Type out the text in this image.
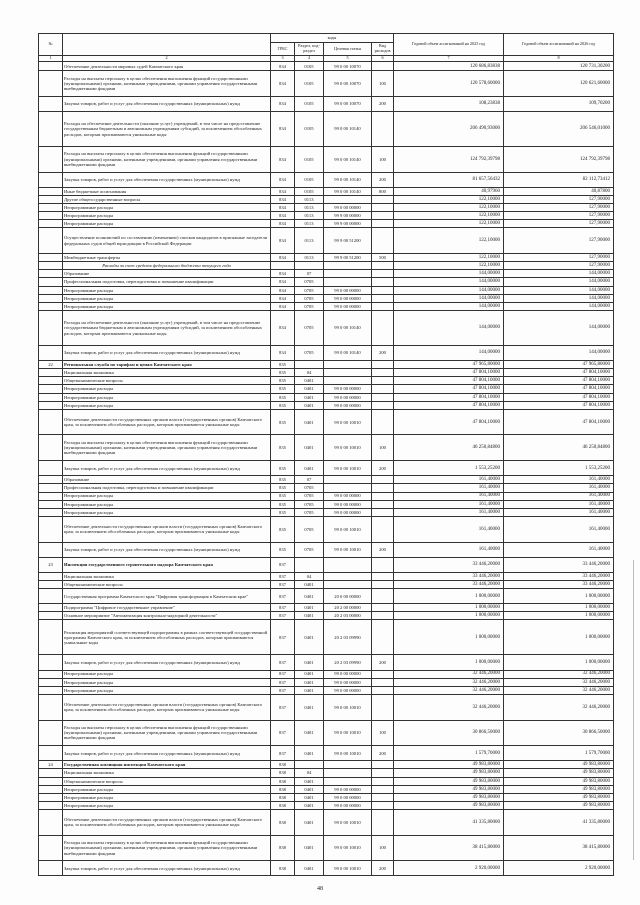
№		коды				Годовой объем ассигнований на 2025 год	Годовой объем ассигнований на 2026 год
		ГРБС	Раздел, под-раздел	Целевая статья	Вид расходов		
1	2	3	4	5	6	7	8
	Обеспечение деятельности мировых судей Камчатского края	834	0105	99 0 00 10070		120 686,83838	120 731,30200
	Расходы на выплаты персоналу в целях обеспечения выполнения функций государственными (муниципальными) органами, казенными учреждениями, органами управления государственными внебюджетными фондами	834	0105	99 0 00 10070	100	120 578,60000	120 621,60000
	Закупка товаров, работ и услуг для обеспечения государственных (муниципальных) нужд	834	0105	99 0 00 10070	200	108,23838	109,70200
	Расходы на обеспечение деятельности (оказание услуг) учреждений, в том числе на предоставление государственным бюджетным и автономным учреждениям субсидий, за исключением обособленных расходов, которым присваиваются уникальные коды	834	0105	99 0 00 10140		206 490,93000	206 546,01000
	Расходы на выплаты персоналу в целях обеспечения выполнения функций государственными (муниципальными) органами, казенными учреждениями, органами управления государственными внебюджетными фондами	834	0105	99 0 00 10140	100	124 792,39798	124 792,39798
	Закупка товаров, работ и услуг для обеспечения государственных (муниципальных) нужд	834	0105	99 0 00 10140	200	81 657,56432	82 112,73412
	Иные бюджетные ассигнования	834	0105	99 0 00 10140	800	40,97960	40,87800
	Другие общегосударственные вопросы	834	0113			122,10000	127,90000
	Непрограммные расходы	834	0113	99 0 00 00000		122,10000	127,90000
	Непрограммные расходы	834	0113	99 9 00 00000		122,10000	127,90000
	Непрограммные расходы	834	0113	99 9 00 00000		122,10000	127,90000
	Осуществление полномочий по составлению (изменению) списков кандидатов в присяжные заседатели федеральных судов общей юрисдикции в Российской Федерации	834	0113	99 9 00 51200		122,10000	127,90000
	Межбюджетные трансферты	834	0113	99 9 00 51200	500	122,10000	127,90000
	Расходы за счет средств федерального бюджета текущего года					122,10000	127,90000
	Образование	834	07			144,00000	144,00000
	Профессиональная подготовка, переподготовка и повышение квалификации	834	0705			144,00000	144,00000
	Непрограммные расходы	834	0705	99 0 00 00000		144,00000	144,00000
	Непрограммные расходы	834	0705	99 0 00 00000		144,00000	144,00000
	Непрограммные расходы	834	0705	99 0 00 00000		144,00000	144,00000
	Расходы на обеспечение деятельности (оказание услуг) учреждений, в том числе на предоставление государственным бюджетным и автономным учреждениям субсидий, за исключением обособленных расходов, которым присваиваются уникальные коды	834	0705	99 0 00 10140		144,00000	144,00000
	Закупка товаров, работ и услуг для обеспечения государственных (муниципальных) нужд	834	0705	99 0 00 10140	200	144,00000	144,00000
22	Региональная служба по тарифам и ценам Камчатского края	835				47 965,80000	47 965,80000
	Национальная экономика	835	04			47 804,10000	47 804,10000
	Общеэкономические вопросы	835	0401			47 804,10000	47 804,10000
	Непрограммные расходы	835	0401	99 0 00 00000		47 804,10000	47 804,10000
	Непрограммные расходы	835	0401	99 0 00 00000		47 804,10000	47 804,10000
	Непрограммные расходы	835	0401	99 0 00 00000		47 804,10000	47 804,10000
	Обеспечение деятельности государственных органов власти (государственных органов) Камчатского края, за исключением обособленных расходов, которым присваиваются уникальные коды	835	0401	99 0 00 10010		47 804,10000	47 804,10000
	Расходы на выплаты персоналу в целях обеспечения выполнения функций государственными (муниципальными) органами, казенными учреждениями, органами управления государственными внебюджетными фондами	835	0401	99 0 00 10010	100	46 250,84800	46 250,84800
	Закупка товаров, работ и услуг для обеспечения государственных (муниципальных) нужд	835	0401	99 0 00 10010	200	1 553,25200	1 553,25200
	Образование	835	07			161,40000	161,40000
	Профессиональная подготовка, переподготовка и повышение квалификации	835	0705			161,40000	161,40000
	Непрограммные расходы	835	0705	99 0 00 00000		161,40000	161,40000
	Непрограммные расходы	835	0705	99 0 00 00000		161,40000	161,40000
	Непрограммные расходы	835	0705	99 0 00 00000		161,40000	161,40000
	Обеспечение деятельности государственных органов власти (государственных органов) Камчатского края, за исключением обособленных расходов, которым присваиваются уникальные коды	835	0705	99 0 00 10010		161,40000	161,40000
	Закупка товаров, работ и услуг для обеспечения государственных (муниципальных) нужд	835	0705	99 0 00 10010	200	161,40000	161,40000
23	Инспекция государственного строительного надзора Камчатского края	837				33 446,20000	33 446,20000
	Национальная экономика	837	04			33 446,20000	33 446,20000
	Общеэкономические вопросы	837	0401			33 446,20000	33 446,20000
	Государственная программа Камчатского края "Цифровая трансформация в Камчатском крае"	837	0401	20 0 00 00000		1 000,00000	1 000,00000
	Подпрограмма "Цифровое государственное управление"	837	0401	20 2 00 00000		1 000,00000	1 000,00000
	Основное мероприятие "Автоматизация контрольно-надзорной деятельности"	837	0401	20 2 03 00000		1 000,00000	1 000,00000
	Реализация мероприятий соответствующей подпрограммы в рамках соответствующей государственной программы Камчатского края, за исключением обособленных расходов, которым присваиваются уникальные коды	837	0401	20 2 03 09990		1 000,00000	1 000,00000
	Закупка товаров, работ и услуг для обеспечения государственных (муниципальных) нужд	837	0401	20 2 03 09990	200	1 000,00000	1 000,00000
	Непрограммные расходы	837	0401	99 0 00 00000		32 446,20000	32 446,20000
	Непрограммные расходы	837	0401	99 0 00 00000		32 446,20000	32 446,20000
	Непрограммные расходы	837	0401	99 0 00 00000		32 446,20000	32 446,20000
	Обеспечение деятельности государственных органов власти (государственных органов) Камчатского края, за исключением обособленных расходов, которым присваиваются уникальные коды	837	0401	99 0 00 10010		32 446,20000	32 446,20000
	Расходы на выплаты персоналу в целях обеспечения выполнения функций государственными (муниципальными) органами, казенными учреждениями, органами управления государственными внебюджетными фондами	837	0401	99 0 00 10010	100	30 866,50000	30 866,50000
	Закупка товаров, работ и услуг для обеспечения государственных (муниципальных) нужд	837	0401	99 0 00 10010	200	1 579,70000	1 579,70000
24	Государственная жилищная инспекция Камчатского края	838				49 983,80000	49 983,80000
	Национальная экономика	838	04			49 983,80000	49 983,80000
	Общеэкономические вопросы	838	0401			49 983,80000	49 983,80000
	Непрограммные расходы	838	0401	99 0 00 00000		49 983,80000	49 983,80000
	Непрограммные расходы	838	0401	99 0 00 00000		49 983,80000	49 983,80000
	Непрограммные расходы	838	0401	99 0 00 00000		49 983,80000	49 983,80000
	Обеспечение деятельности государственных органов власти (государственных органов) Камчатского края, за исключением обособленных расходов, которым присваиваются уникальные коды	838	0401	99 0 00 10010		41 335,80000	41 335,80000
	Расходы на выплаты персоналу в целях обеспечения выполнения функций государственными (муниципальными) органами, казенными учреждениями, органами управления государственными внебюджетными фондами	838	0401	99 0 00 10010	100	38 415,80000	38 415,80000
	Закупка товаров, работ и услуг для обеспечения государственных (муниципальных) нужд	838	0401	99 0 00 10010	200	2 920,00000	2 920,00000
48
